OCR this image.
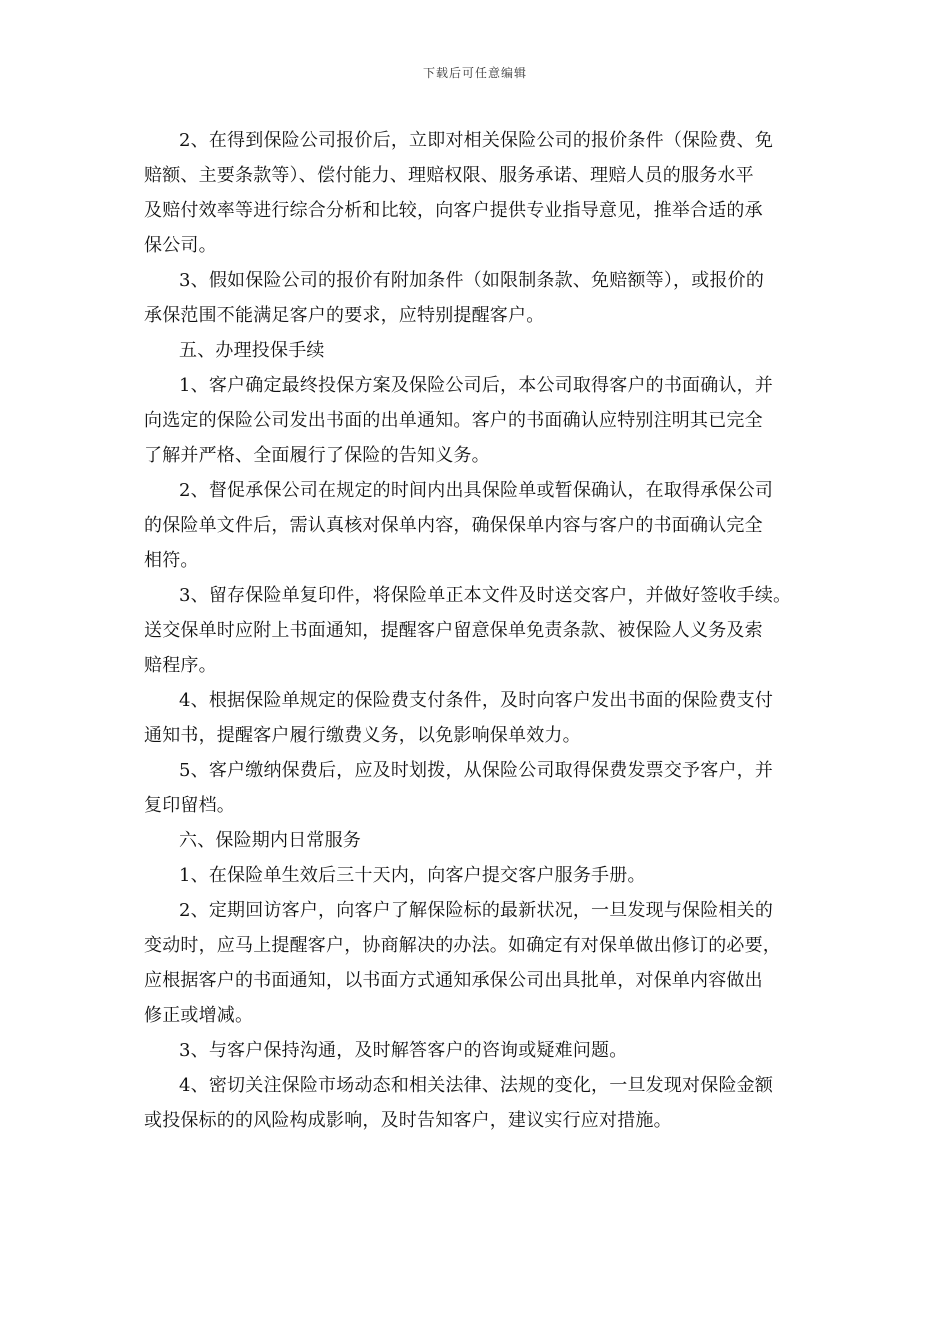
下载后可任意编辑
2、在得到保险公司报价后，立即对相关保险公司的报价条件（保险费、免
赔额、主要条款等）、偿付能力、理赔权限、服务承诺、理赔人员的服务水平
及赔付效率等进行综合分析和比较，向客户提供专业指导意见，推举合适的承
保公司。
3、假如保险公司的报价有附加条件（如限制条款、免赔额等），或报价的
承保范围不能满足客户的要求，应特别提醒客户。
五、办理投保手续
1、客户确定最终投保方案及保险公司后，本公司取得客户的书面确认，并
向选定的保险公司发出书面的出单通知。客户的书面确认应特别注明其已完全
了解并严格、全面履行了保险的告知义务。
2、督促承保公司在规定的时间内出具保险单或暂保确认，在取得承保公司
的保险单文件后，需认真核对保单内容，确保保单内容与客户的书面确认完全
相符。
3、留存保险单复印件，将保险单正本文件及时送交客户，并做好签收手续。
送交保单时应附上书面通知，提醒客户留意保单免责条款、被保险人义务及索
赔程序。
4、根据保险单规定的保险费支付条件，及时向客户发出书面的保险费支付
通知书，提醒客户履行缴费义务，以免影响保单效力。
5、客户缴纳保费后，应及时划拨，从保险公司取得保费发票交予客户，并
复印留档。
六、保险期内日常服务
1、在保险单生效后三十天内，向客户提交客户服务手册。
2、定期回访客户，向客户了解保险标的最新状况，一旦发现与保险相关的
变动时，应马上提醒客户，协商解决的办法。如确定有对保单做出修订的必要，
应根据客户的书面通知，以书面方式通知承保公司出具批单，对保单内容做出
修正或增减。
3、与客户保持沟通，及时解答客户的咨询或疑难问题。
4、密切关注保险市场动态和相关法律、法规的变化，一旦发现对保险金额
或投保标的的风险构成影响，及时告知客户，建议实行应对措施。
